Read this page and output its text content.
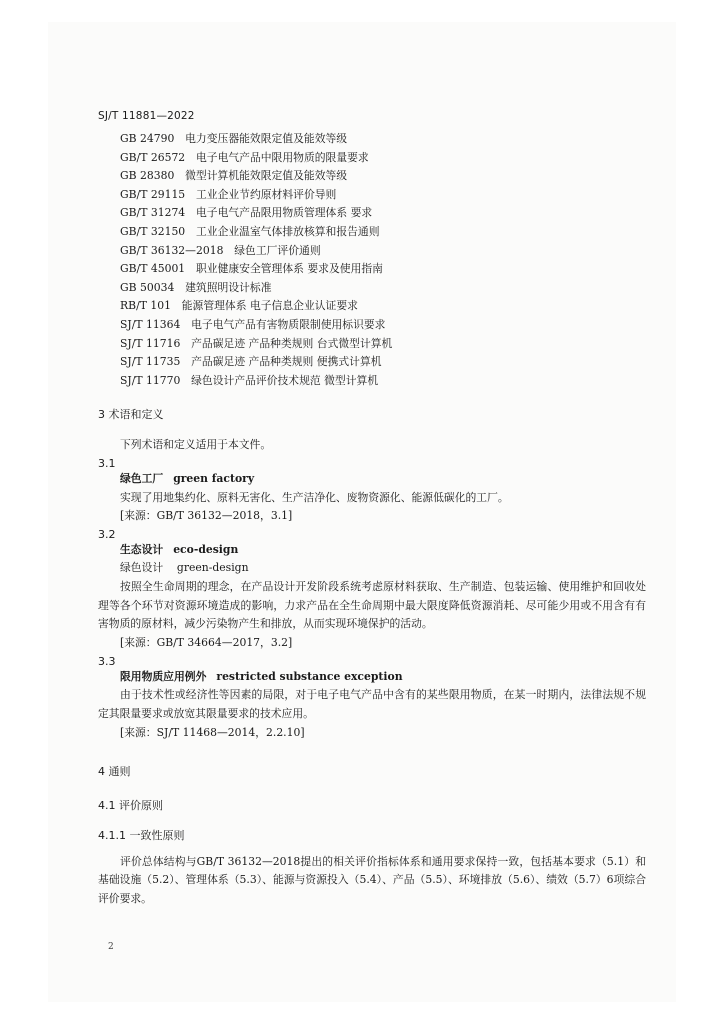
SJ/T 11881—2022
GB 24790　 电力变压器能效限定值及能效等级
GB/T 26572　 电子电气产品中限用物质的限量要求
GB 28380　 微型计算机能效限定值及能效等级
GB/T 29115　 工业企业节约原材料评价导则
GB/T 31274　 电子电气产品限用物质管理体系 要求
GB/T 32150　 工业企业温室气体排放核算和报告通则
GB/T 36132—2018　 绿色工厂评价通则
GB/T 45001　 职业健康安全管理体系 要求及使用指南
GB 50034　 建筑照明设计标准
RB/T 101　 能源管理体系 电子信息企业认证要求
SJ/T 11364　 电子电气产品有害物质限制使用标识要求
SJ/T 11716　 产品碳足迹 产品种类规则 台式微型计算机
SJ/T 11735　 产品碳足迹 产品种类规则 便携式计算机
SJ/T 11770　 绿色设计产品评价技术规范 微型计算机
3 术语和定义
下列术语和定义适用于本文件。
3.1
绿色工厂 green factory
实现了用地集约化、原料无害化、生产洁净化、废物资源化、能源低碳化的工厂。
[来源：GB/T 36132—2018，3.1]
3.2
生态设计 eco-design
绿色设计    green-design
按照全生命周期的理念，在产品设计开发阶段系统考虑原材料获取、生产制造、包装运输、使用维护和回收处理等各个环节对资源环境造成的影响，力求产品在全生命周期中最大限度降低资源消耗、尽可能少用或不用含有有害物质的原材料，减少污染物产生和排放，从而实现环境保护的活动。
[来源：GB/T 34664—2017，3.2]
3.3
限用物质应用例外 restricted substance exception
由于技术性或经济性等因素的局限，对于电子电气产品中含有的某些限用物质，在某一时期内，法律法规不规定其限量要求或放宽其限量要求的技术应用。
[来源：SJ/T 11468—2014，2.2.10]
4 通则
4.1 评价原则
4.1.1 一致性原则
评价总体结构与GB/T 36132—2018提出的相关评价指标体系和通用要求保持一致，包括基本要求（5.1）和基础设施（5.2）、管理体系（5.3）、能源与资源投入（5.4）、产品（5.5）、环境排放（5.6）、绩效（5.7）6项综合评价要求。
2
